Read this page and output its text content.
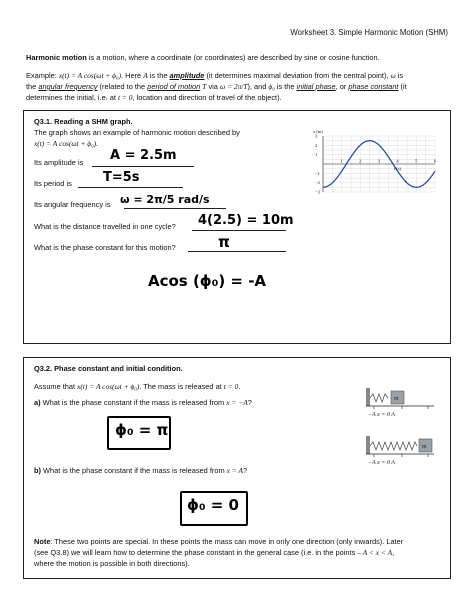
Worksheet 3. Simple Harmonic Motion (SHM)
Harmonic motion is a motion, where a coordinate (or coordinates) are described by sine or cosine function.
Example: x(t) = A cos(ωt + ϕ₀). Here A is the amplitude (it determines maximal deviation from the central point), ω is
the angular frequency (related to the period of motion T via ω = 2π/T), and ϕ₀ is the initial phase, or phase constant (it
determines the initial, i.e. at t = 0, location and direction of travel of the object).
Q3.1. Reading a SHM graph.
The graph shows an example of harmonic motion described by
x(t) = A cos(ωt + ϕ₀).
Its amplitude is A = 2.5m
Its period is T=5s
Its angular frequency is ω = 2π/5 rad/s
What is the distance travelled in one cycle? 4(2.5) = 10m
What is the phase constant for this motion?	π
Acos (ϕ₀) = -A
1	2	3	4	5	6
−3
−2
−1
1
2
3
x (m)
t (s)
Q3.2. Phase constant and initial condition.
Assume that x(t) = A cos(ωt + ϕ₀). The mass is released at t = 0.
a) What is the phase constant if the mass is released from x = −A?
ϕ₀ = π
b) What is the phase constant if the mass is released from x = A?
ϕ₀ = 0
m
−A x = 0 A
m
−A x = 0 A
Note: These two points are special. In these points the mass can move in only one direction (only inwards). Later
(see Q3.8) we will learn how to determine the phase constant in the general case (i.e. in the points – A < x < A,
where the motion is possible in both directions).
